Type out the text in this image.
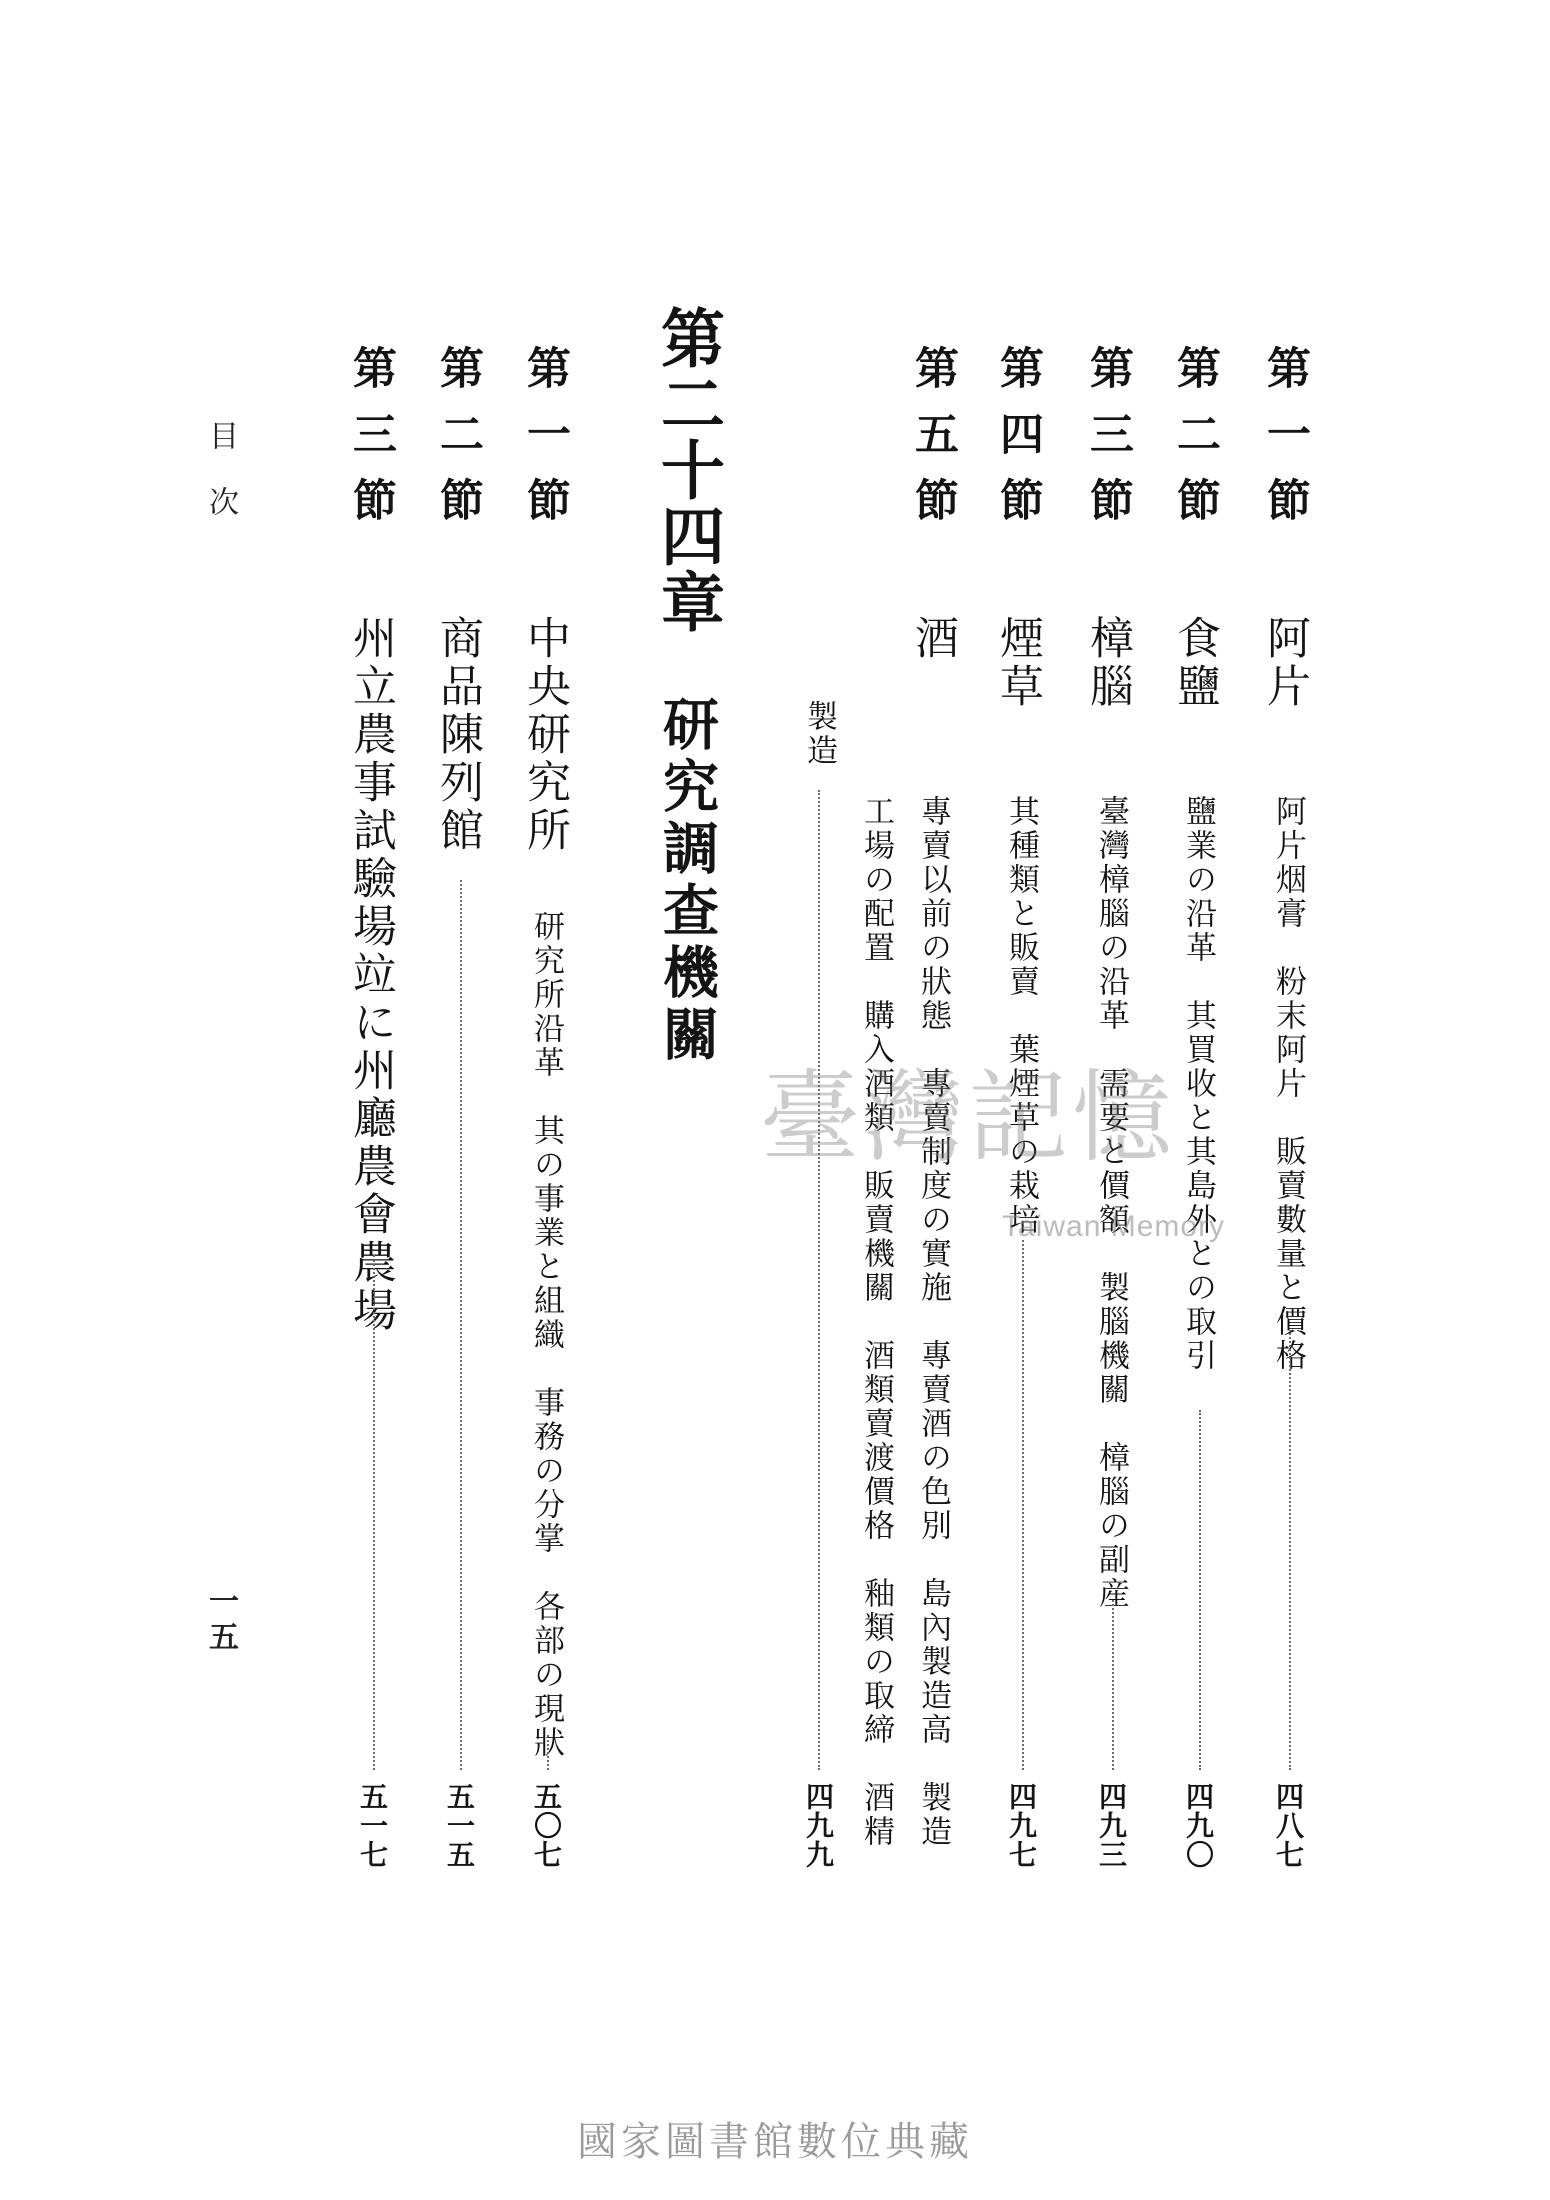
第一節
阿片
阿片烟膏　粉末阿片　販賣數量と價格
四八七
第二節
食鹽
鹽業の沿革　其買收と其島外との取引
四九〇
第三節
樟腦
臺灣樟腦の沿革　需要と價額　製腦機關　樟腦の副産
四九三
第四節
煙草
其種類と販賣　葉煙草の栽培
四九七
第五節
酒
專賣以前の狀態　專賣制度の實施　專賣酒の色別　島內製造高　製造
工場の配置　購入酒類　販賣機關　酒類賣渡價格　釉類の取締　酒精
製造
四九九
第二十四章
研究調查機關
第一節
中央研究所
研究所沿革　其の事業と組織　事務の分掌　各部の現狀
五〇七
第二節
商品陳列館
五一五
第三節
州立農事試驗場竝に州廳農會農場
五一七
目次
一五
臺灣記憶
Taiwan Memory
國家圖書館數位典藏
